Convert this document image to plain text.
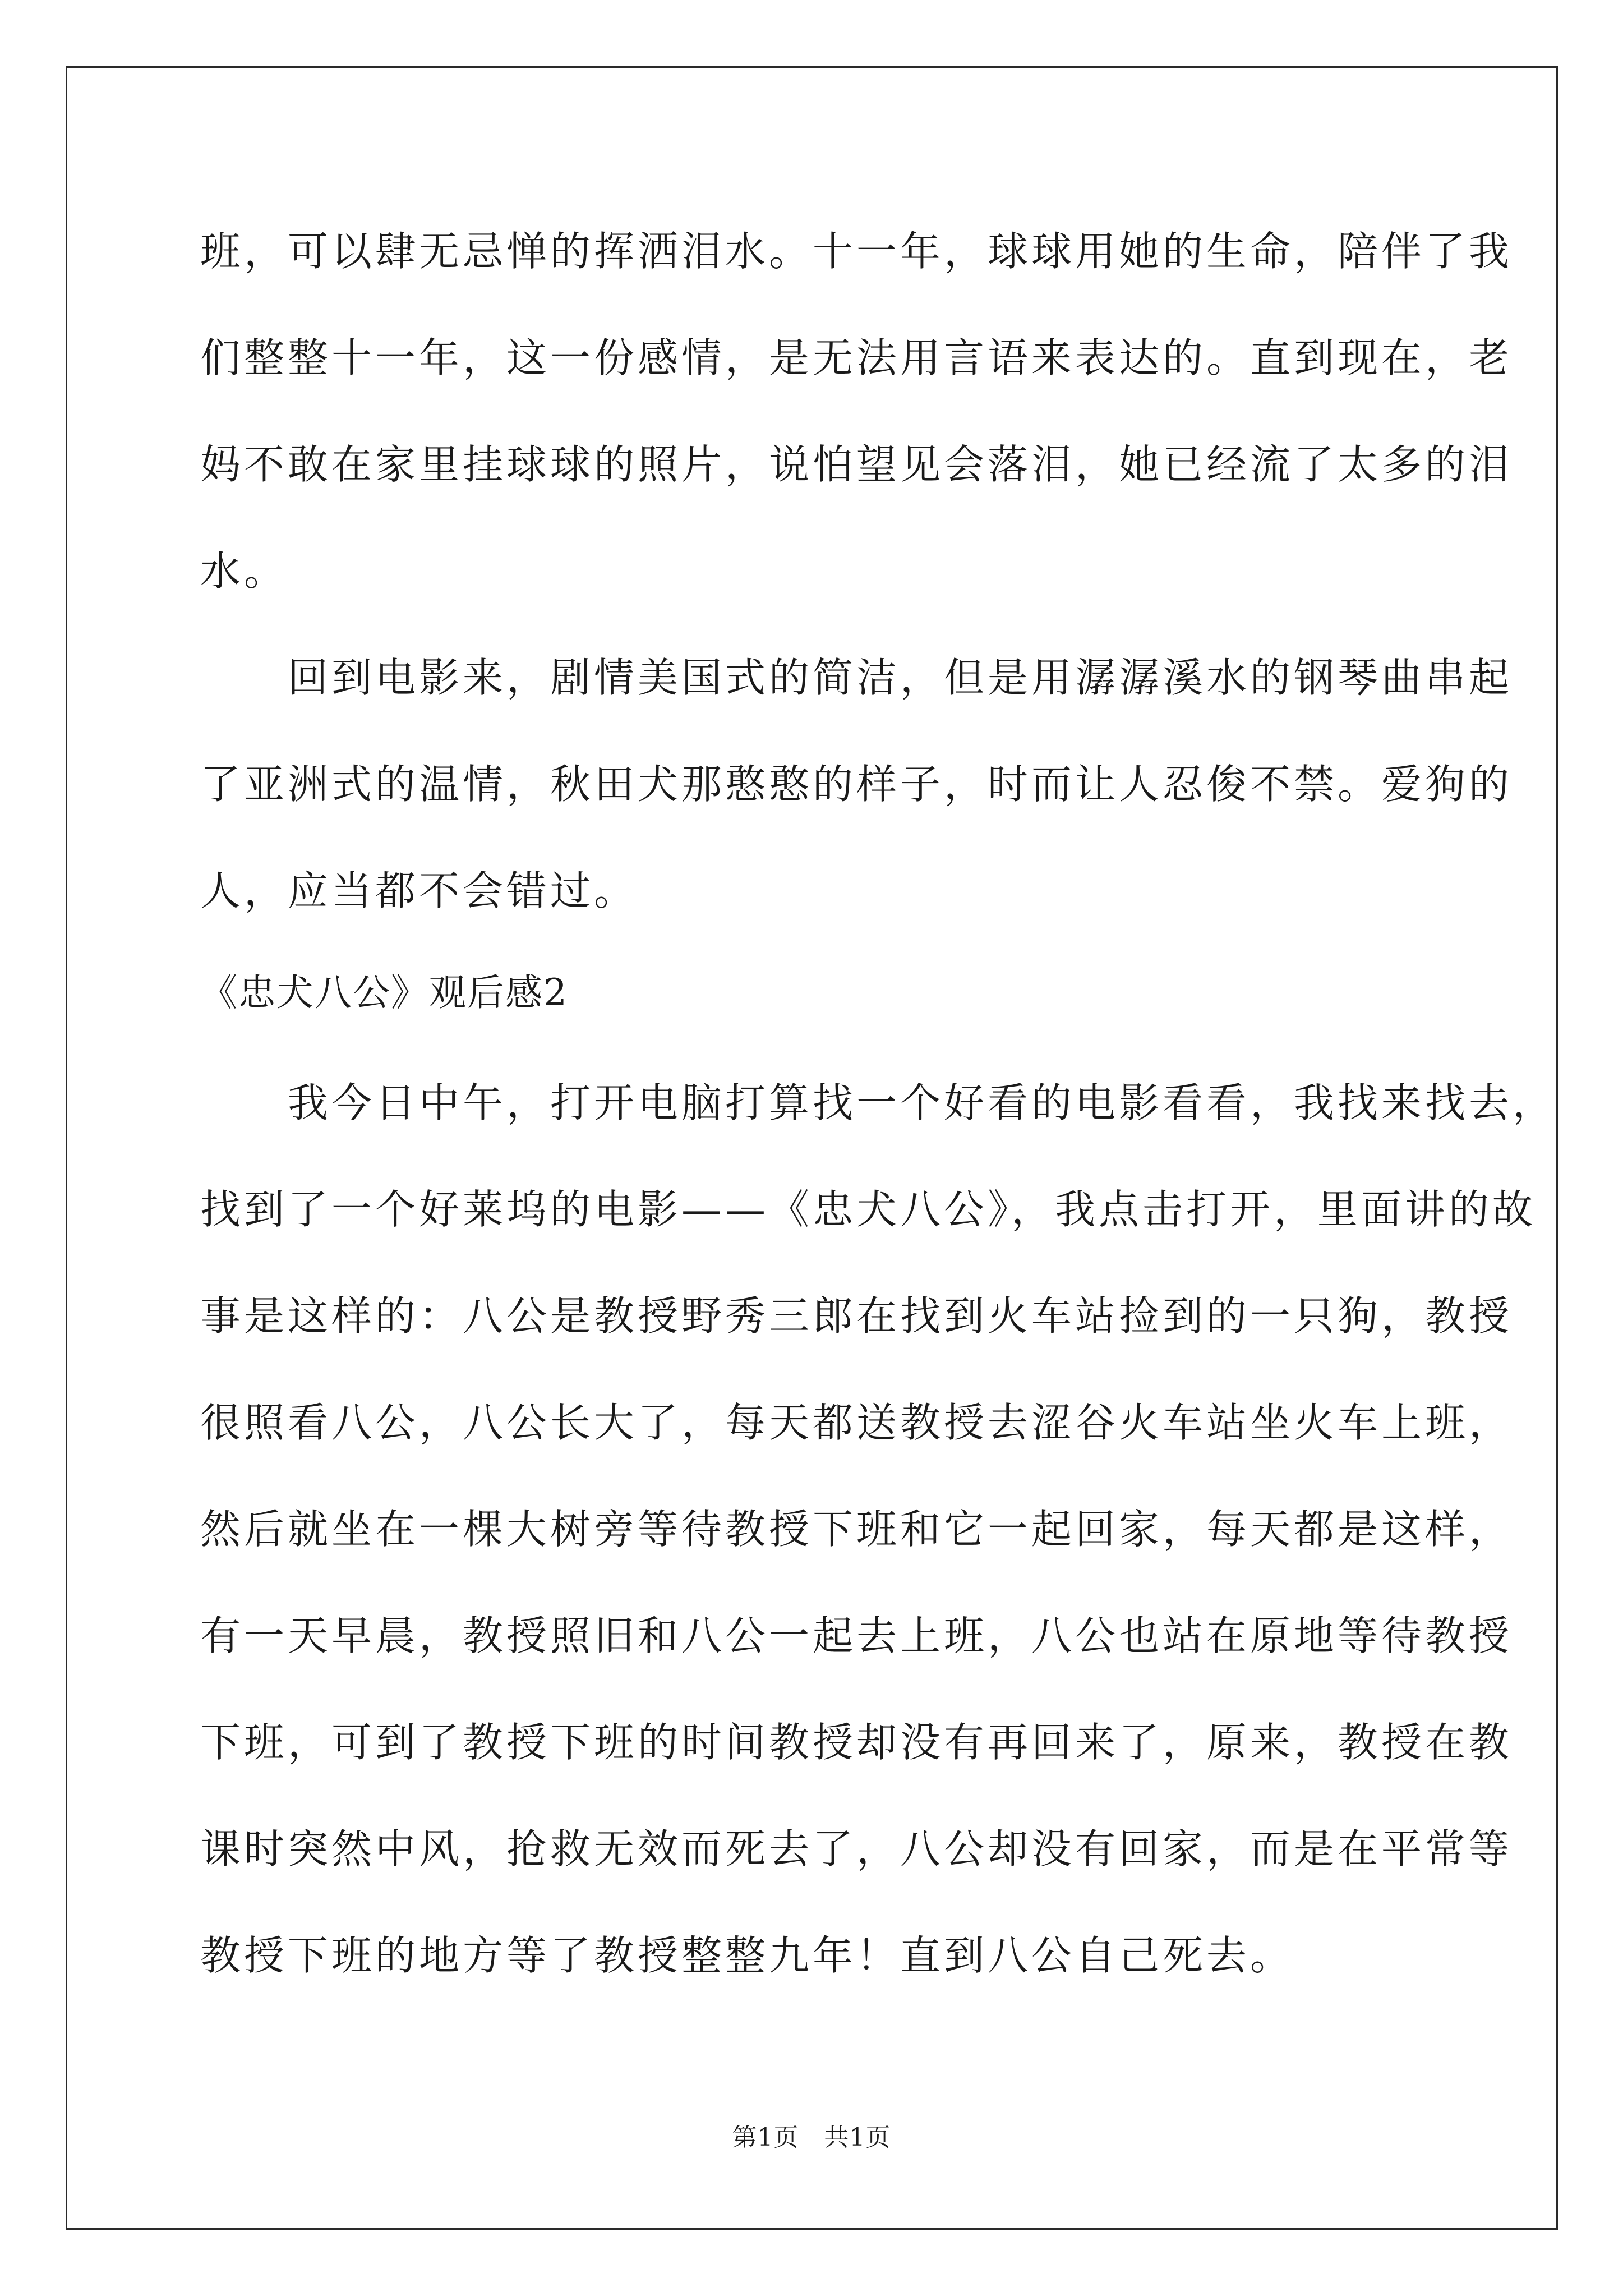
班，可以肆无忌惮的挥洒泪水。十一年，球球用她的生命，陪伴了我
们整整十一年，这一份感情，是无法用言语来表达的。直到现在，老
妈不敢在家里挂球球的照片，说怕望见会落泪，她已经流了太多的泪
水。
　　回到电影来，剧情美国式的简洁，但是用潺潺溪水的钢琴曲串起
了亚洲式的温情，秋田犬那憨憨的样子，时而让人忍俊不禁。爱狗的
人，应当都不会错过。
《忠犬八公》观后感2
　　我今日中午，打开电脑打算找一个好看的电影看看，我找来找去，
找到了一个好莱坞的电影——《忠犬八公》，我点击打开，里面讲的故
事是这样的：八公是教授野秀三郎在找到火车站捡到的一只狗，教授
很照看八公，八公长大了，每天都送教授去涩谷火车站坐火车上班，
然后就坐在一棵大树旁等待教授下班和它一起回家，每天都是这样，
有一天早晨，教授照旧和八公一起去上班，八公也站在原地等待教授
下班，可到了教授下班的时间教授却没有再回来了，原来，教授在教
课时突然中风，抢救无效而死去了，八公却没有回家，而是在平常等
教授下班的地方等了教授整整九年！直到八公自己死去。
第1页　共1页
